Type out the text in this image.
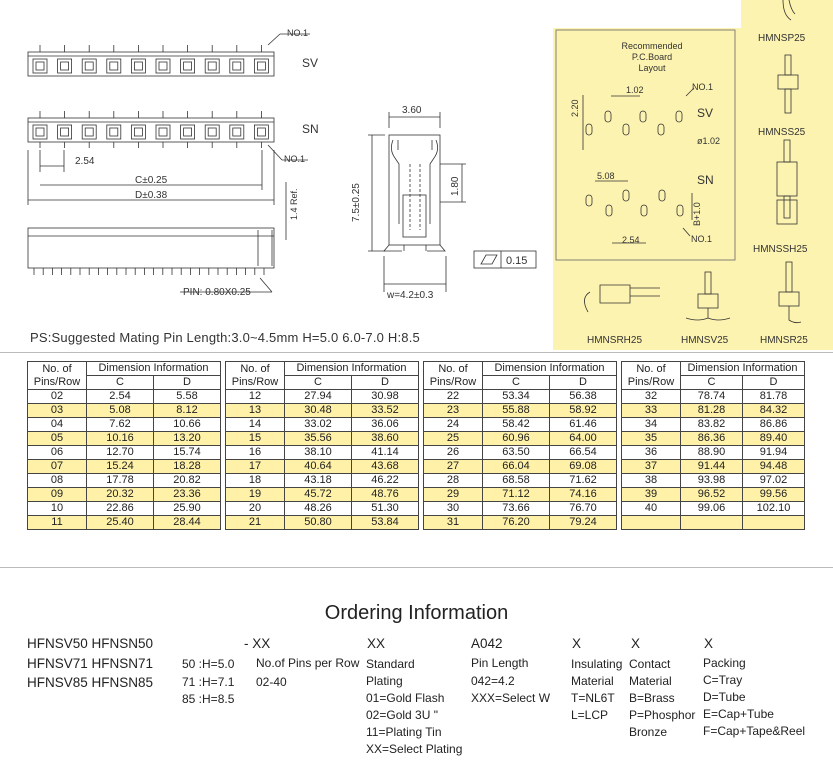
NO.1
SV
SN
NO.1
2.54
C±0.25
D±0.38	1.4 Ref.
PIN: 0.80X0.25
3.60
7.5±0.25	1.80
w=4.2±0.3
0.15
Recommended
P.C.Board
Layout
2.20
1.02	NO.1
SV
ø1.02
5.08	SN
B+1.0
2.54	NO.1
HMNSP25
HMNSS25
HMNSSH25
HMNSRH25	HMNSV25	HMNSR25
PS:Suggested Mating Pin Length:3.0~4.5mm H=5.0 6.0-7.0 H:8.5
No. of
Pins/Row	Dimension Information			No. of
Pins/Row	Dimension Information			No. of
Pins/Row	Dimension Information			No. of
Pins/Row	Dimension Information	
	C	D			C	D			C	D			C	D
02	2.54	5.58		12	27.94	30.98		22	53.34	56.38		32	78.74	81.78
03	5.08	8.12		13	30.48	33.52		23	55.88	58.92		33	81.28	84.32
04	7.62	10.66		14	33.02	36.06		24	58.42	61.46		34	83.82	86.86
05	10.16	13.20		15	35.56	38.60		25	60.96	64.00		35	86.36	89.40
06	12.70	15.74		16	38.10	41.14		26	63.50	66.54		36	88.90	91.94
07	15.24	18.28		17	40.64	43.68		27	66.04	69.08		37	91.44	94.48
08	17.78	20.82		18	43.18	46.22		28	68.58	71.62		38	93.98	97.02
09	20.32	23.36		19	45.72	48.76		29	71.12	74.16		39	96.52	99.56
10	22.86	25.90		20	48.26	51.30		30	73.66	76.70		40	99.06	102.10
11	25.40	28.44		21	50.80	53.84		31	76.20	79.24				
Ordering Information
HFNSV50 HFNSN50
HFNSV71 HFNSN71
HFNSV85 HFNSN85
50 :H=5.0
71 :H=7.1
85 :H=8.5
- XX
No.of Pins per Row
02-40
XX
Standard
Plating
01=Gold Flash
02=Gold 3U "
11=Plating Tin
XX=Select Plating
A042
Pin Length
042=4.2
XXX=Select W
X
Insulating
Material
T=NL6T
L=LCP
X
Contact
Material
B=Brass
P=Phosphor
Bronze
X
Packing
C=Tray
D=Tube
E=Cap+Tube
F=Cap+Tape&Reel
